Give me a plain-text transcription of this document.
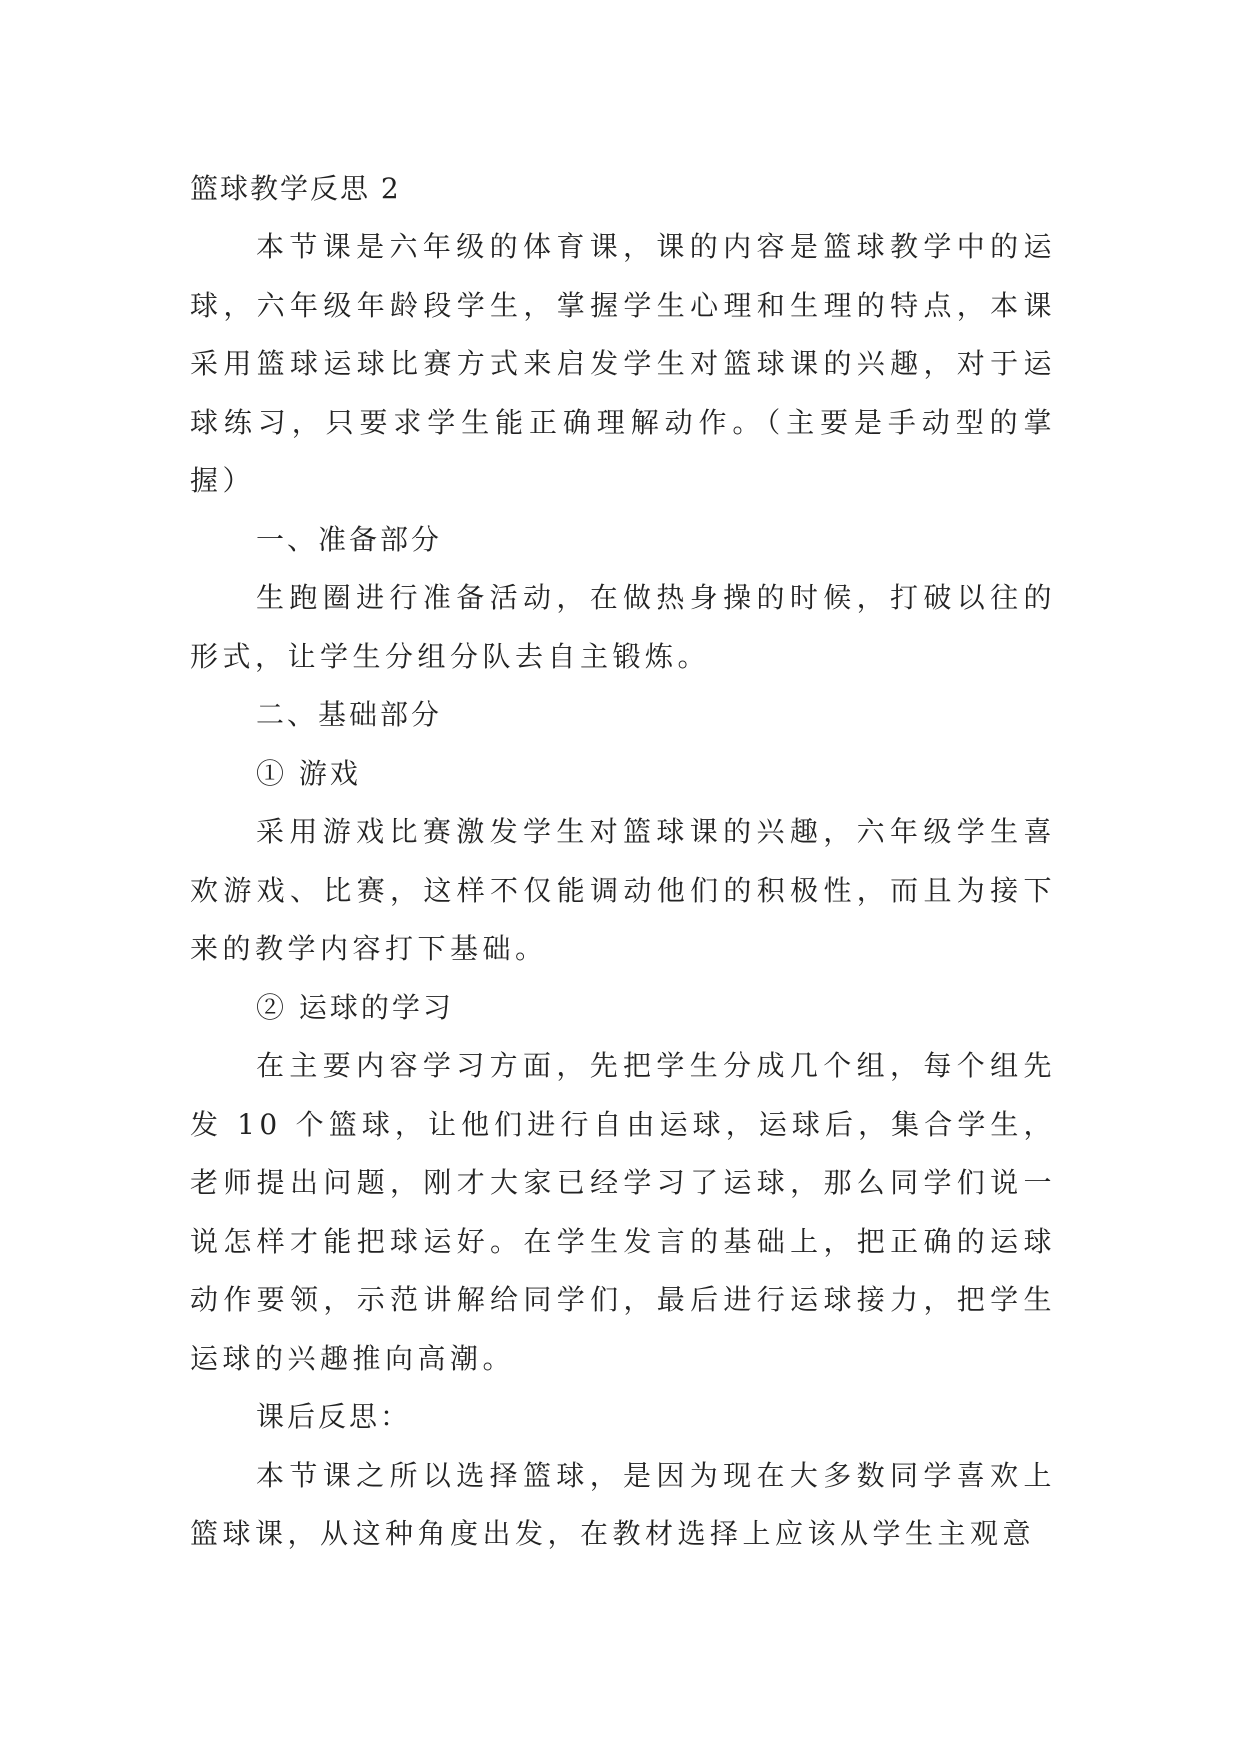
篮球教学反思 2

本节课是六年级的体育课，课的内容是篮球教学中的运球，六年级年龄段学生，掌握学生心理和生理的特点，本课采用篮球运球比赛方式来启发学生对篮球课的兴趣，对于运球练习，只要求学生能正确理解动作。（主要是手动型的掌握）

一、准备部分

生跑圈进行准备活动，在做热身操的时候，打破以往的形式，让学生分组分队去自主锻炼。

二、基础部分

① 游戏

采用游戏比赛激发学生对篮球课的兴趣，六年级学生喜欢游戏、比赛，这样不仅能调动他们的积极性，而且为接下来的教学内容打下基础。

② 运球的学习

在主要内容学习方面，先把学生分成几个组，每个组先发 10 个篮球，让他们进行自由运球，运球后，集合学生，老师提出问题，刚才大家已经学习了运球，那么同学们说一说怎样才能把球运好。在学生发言的基础上，把正确的运球动作要领，示范讲解给同学们，最后进行运球接力，把学生运球的兴趣推向高潮。

课后反思：

本节课之所以选择篮球，是因为现在大多数同学喜欢上篮球课，从这种角度出发，在教材选择上应该从学生主观意
